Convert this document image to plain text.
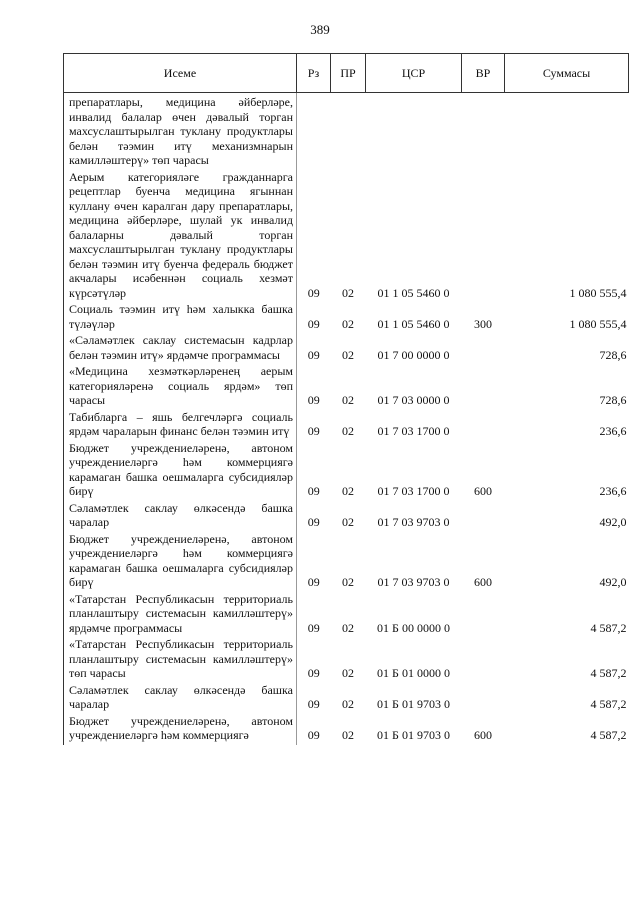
389
Исеме	Рз	ПР	ЦСР	ВР	Суммасы
препаратлары, медицина әйберләре, инвалид балалар өчен дәвалый торган махсуслаштырылган туклану продуктлары белән тәэмин итү механизмнарын камилләштерү» төп чарасы					
Аерым категорияләге гражданнарга рецептлар буенча медицина ягыннан куллану өчен каралган дару препаратлары, медицина әйберләре, шулай ук инвалид балаларны дәвалый торган махсуслаштырылган туклану продуктлары белән тәэмин итү буенча федераль бюджет акчалары исәбеннән социаль хезмәт күрсәтүләр	09	02	01 1 05 5460 0		1 080 555,4
Социаль тәэмин итү һәм халыкка башка түләүләр	09	02	01 1 05 5460 0	300	1 080 555,4
«Сәламәтлек саклау системасын кадрлар белән тәэмин итү» ярдәмче программасы	09	02	01 7 00 0000 0		728,6
«Медицина хезмәткәрләренең аерым категорияләренә социаль ярдәм» төп чарасы	09	02	01 7 03 0000 0		728,6
Табибларга – яшь белгечләргә социаль ярдәм чараларын финанс белән тәэмин итү	09	02	01 7 03 1700 0		236,6
Бюджет учреждениеләренә, автоном учреждениеләргә һәм коммерциягә карамаган башка оешмаларга субсидияләр бирү	09	02	01 7 03 1700 0	600	236,6
Сәламәтлек саклау өлкәсендә башка чаралар	09	02	01 7 03 9703 0		492,0
Бюджет учреждениеләренә, автоном учреждениеләргә һәм коммерциягә карамаган башка оешмаларга субсидияләр бирү	09	02	01 7 03 9703 0	600	492,0
«Татарстан Республикасын территориаль планлаштыру системасын камилләштерү» ярдәмче программасы	09	02	01 Б 00 0000 0		4 587,2
«Татарстан Республикасын территориаль планлаштыру системасын камилләштерү» төп чарасы	09	02	01 Б 01 0000 0		4 587,2
Сәламәтлек саклау өлкәсендә башка чаралар	09	02	01 Б 01 9703 0		4 587,2
Бюджет учреждениеләренә, автоном учреждениеләргә һәм коммерциягә	09	02	01 Б 01 9703 0	600	4 587,2
